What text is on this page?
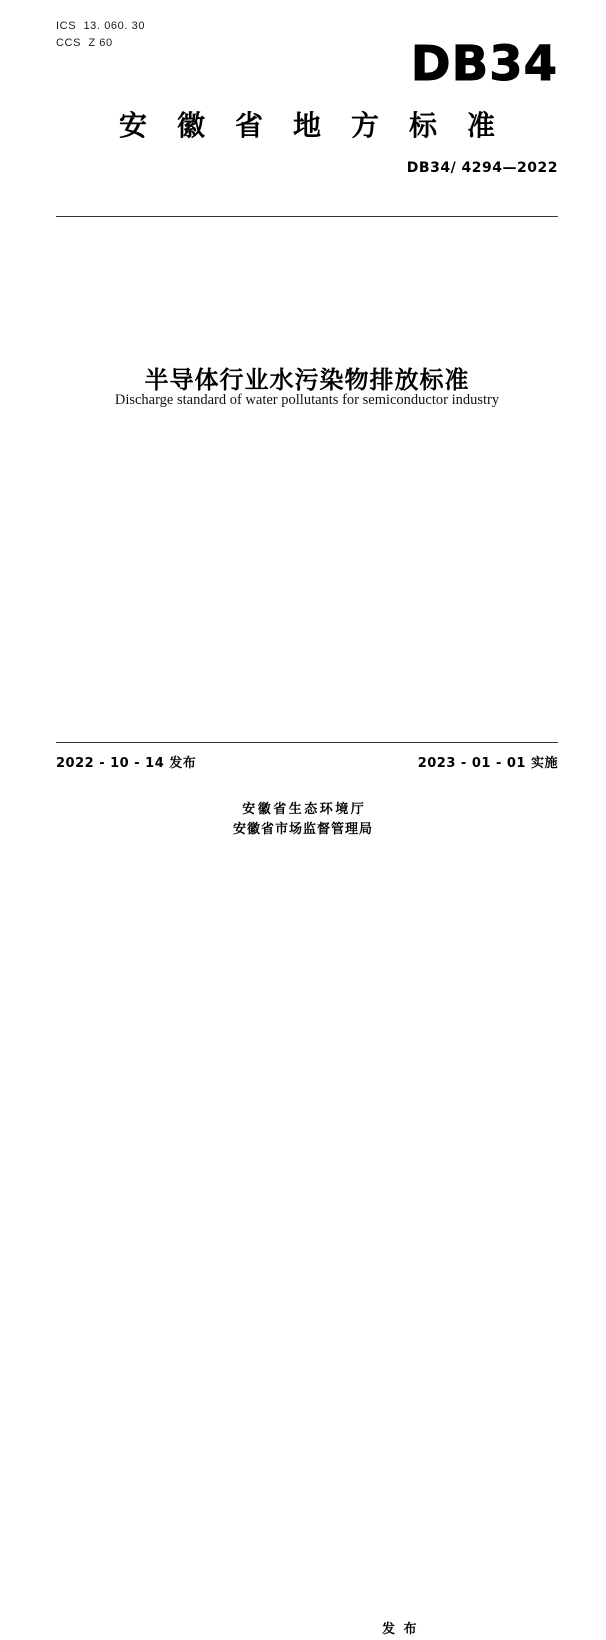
ICS  13. 060. 30
CCS  Z 60	DB34
安徽省地方标准
DB34/ 4294—2022
半导体行业水污染物排放标准
Discharge standard of water pollutants for semiconductor industry
2022 - 10 - 14 发布	2023 - 01 - 01 实施
安徽省生态环境厅
安徽省市场监督管理局
发 布
